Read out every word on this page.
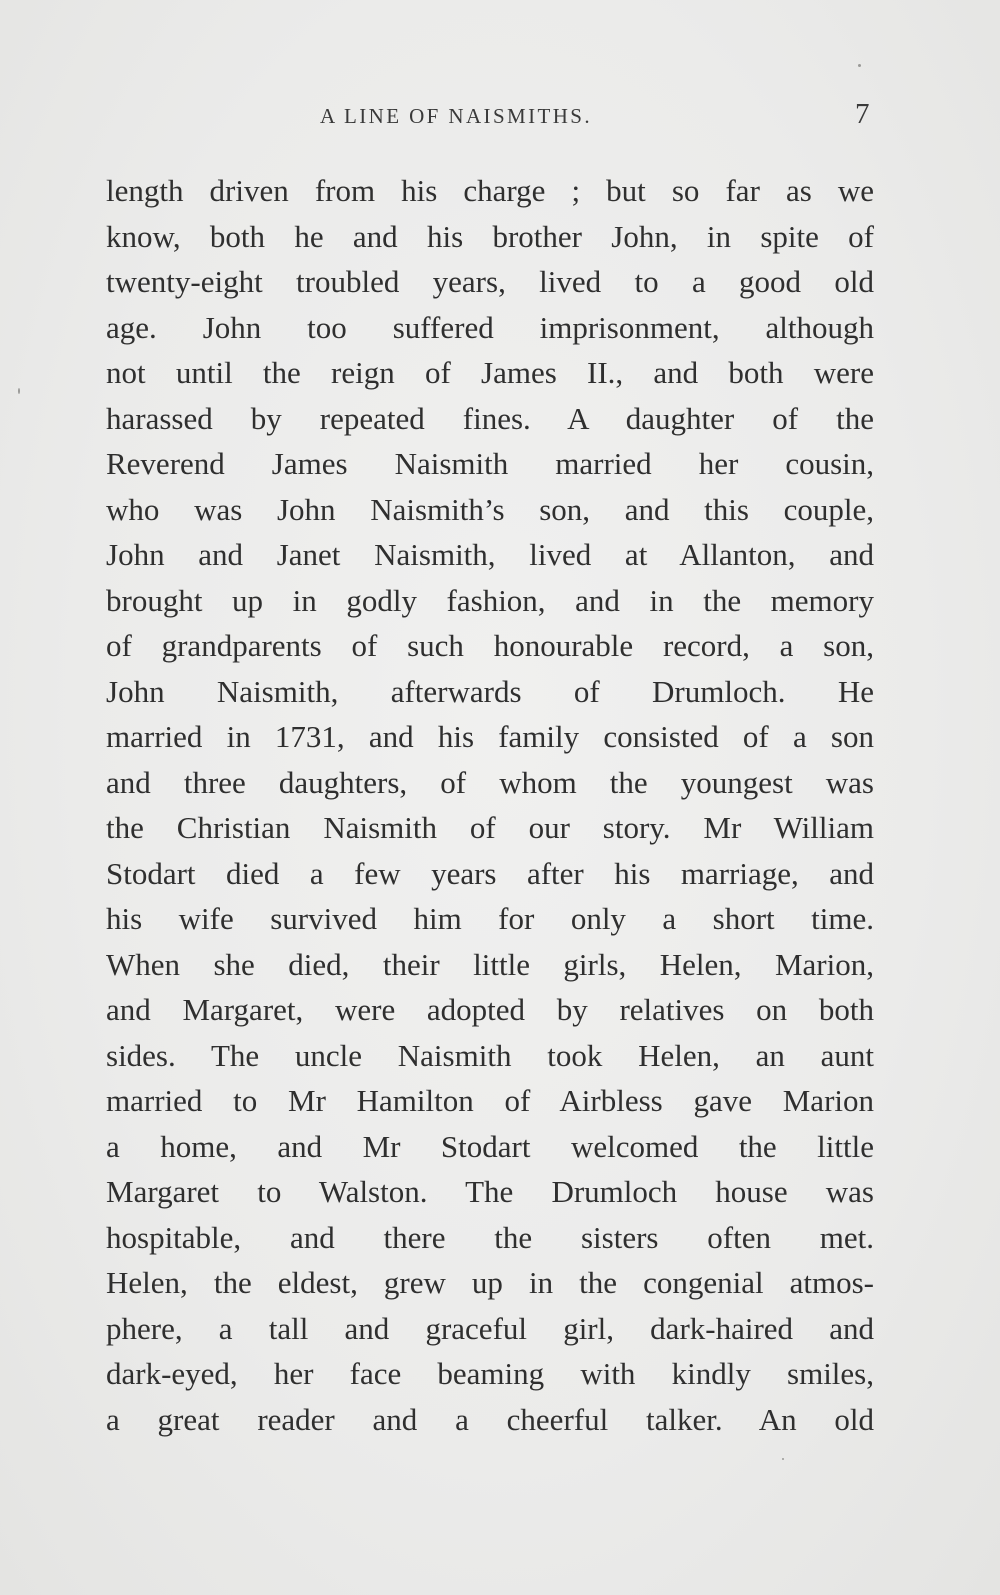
A LINE OF NAISMITHS.	7
length driven from his charge ; but so far as we
know, both he and his brother John, in spite of
twenty-eight troubled years, lived to a good old
age. John too suffered imprisonment, although
not until the reign of James II., and both were
harassed by repeated fines. A daughter of the
Reverend James Naismith married her cousin,
who was John Naismith’s son, and this couple,
John and Janet Naismith, lived at Allanton, and
brought up in godly fashion, and in the memory
of grandparents of such honourable record, a son,
John Naismith, afterwards of Drumloch. He
married in 1731, and his family consisted of a son
and three daughters, of whom the youngest was
the Christian Naismith of our story. Mr William
Stodart died a few years after his marriage, and
his wife survived him for only a short time.
When she died, their little girls, Helen, Marion,
and Margaret, were adopted by relatives on both
sides. The uncle Naismith took Helen, an aunt
married to Mr Hamilton of Airbless gave Marion
a home, and Mr Stodart welcomed the little
Margaret to Walston. The Drumloch house was
hospitable, and there the sisters often met.
Helen, the eldest, grew up in the congenial atmos-
phere, a tall and graceful girl, dark-haired and
dark-eyed, her face beaming with kindly smiles,
a great reader and a cheerful talker. An old
